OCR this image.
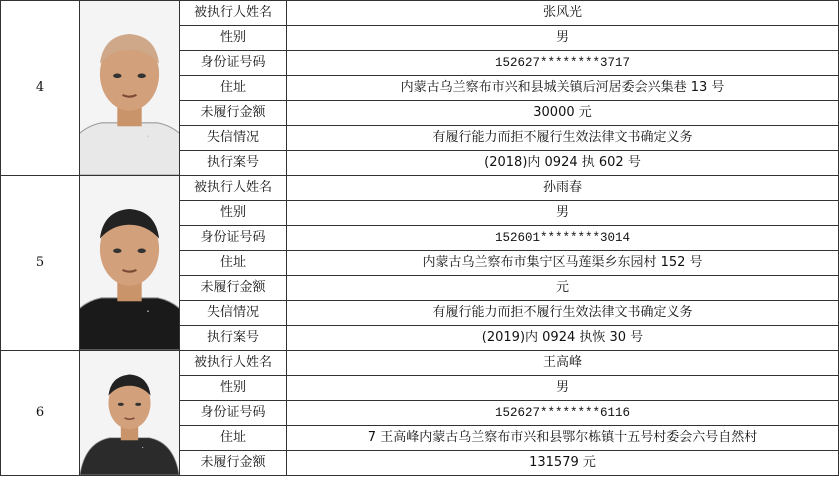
4	·	被执行人姓名	张风光
		性别	男
		身份证号码	152627********3717
		住址	内蒙古乌兰察布市兴和县城关镇后河居委会兴集巷 13 号
		未履行金额	30000 元
		失信情况	有履行能力而拒不履行生效法律文书确定义务
		执行案号	(2018)内 0924 执 602 号
5	·	被执行人姓名	孙雨春
		性别	男
		身份证号码	152601********3014
		住址	内蒙古乌兰察布市集宁区马莲渠乡东园村 152 号
		未履行金额	元
		失信情况	有履行能力而拒不履行生效法律文书确定义务
		执行案号	(2019)内 0924 执恢 30 号
6	·	被执行人姓名	王高峰
		性别	男
		身份证号码	152627********6116
		住址	7 王高峰内蒙古乌兰察布市兴和县鄂尔栋镇十五号村委会六号自然村
		未履行金额	131579 元
